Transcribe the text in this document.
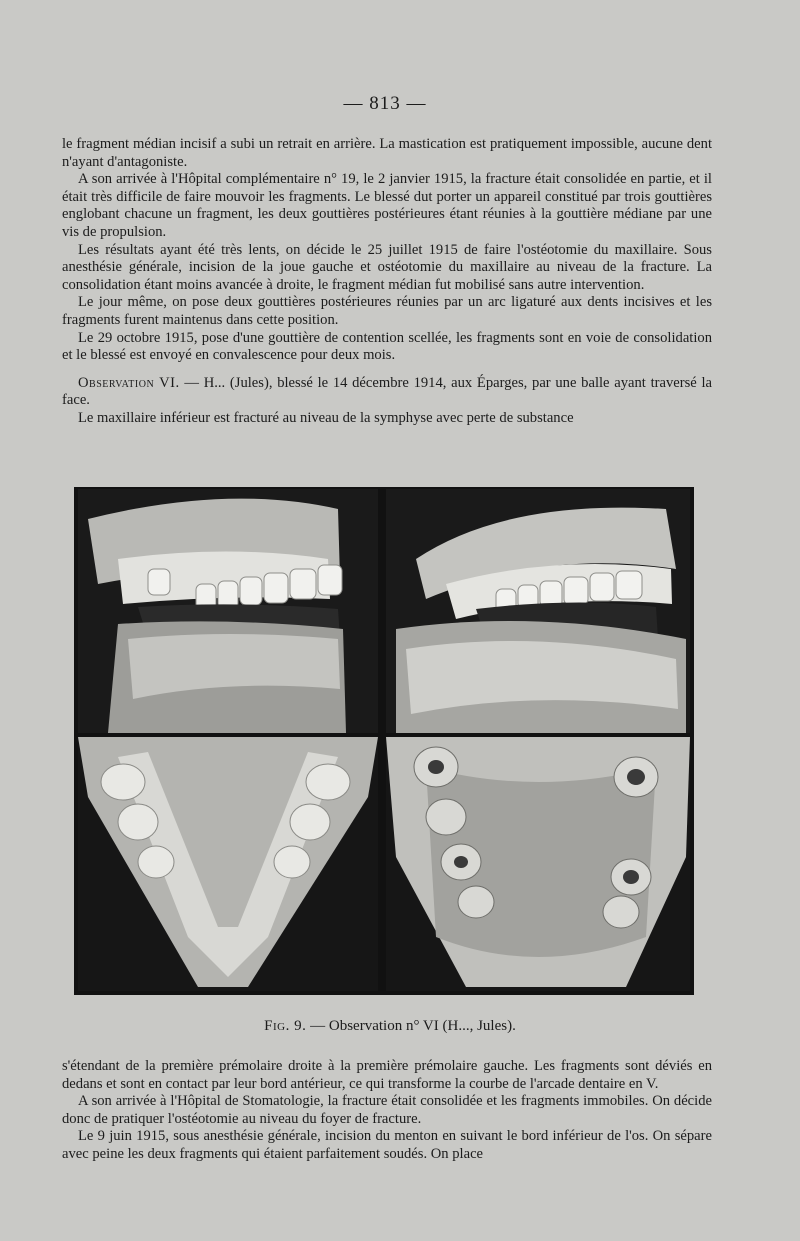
— 813 —

le fragment médian incisif a subi un retrait en arrière. La mastication est pratiquement impossible, aucune dent n'ayant d'antagoniste.

A son arrivée à l'Hôpital complémentaire n° 19, le 2 janvier 1915, la fracture était consolidée en partie, et il était très difficile de faire mouvoir les fragments. Le blessé dut porter un appareil constitué par trois gouttières englobant chacune un fragment, les deux gouttières postérieures étant réunies à la gouttière médiane par une vis de propulsion.

Les résultats ayant été très lents, on décide le 25 juillet 1915 de faire l'ostéotomie du maxillaire. Sous anesthésie générale, incision de la joue gauche et ostéotomie du maxillaire au niveau de la fracture. La consolidation étant moins avancée à droite, le fragment médian fut mobilisé sans autre intervention.

Le jour même, on pose deux gouttières postérieures réunies par un arc ligaturé aux dents incisives et les fragments furent maintenus dans cette position.

Le 29 octobre 1915, pose d'une gouttière de contention scellée, les fragments sont en voie de consolidation et le blessé est envoyé en convalescence pour deux mois.

Observation VI. — H... (Jules), blessé le 14 décembre 1914, aux Éparges, par une balle ayant traversé la face.

Le maxillaire inférieur est fracturé au niveau de la symphyse avec perte de substance

Fig. 9. — Observation n° VI (H..., Jules).

s'étendant de la première prémolaire droite à la première prémolaire gauche. Les fragments sont déviés en dedans et sont en contact par leur bord antérieur, ce qui transforme la courbe de l'arcade dentaire en V.

A son arrivée à l'Hôpital de Stomatologie, la fracture était consolidée et les fragments immobiles. On décide donc de pratiquer l'ostéotomie au niveau du foyer de fracture.

Le 9 juin 1915, sous anesthésie générale, incision du menton en suivant le bord inférieur de l'os. On sépare avec peine les deux fragments qui étaient parfaitement soudés. On place
